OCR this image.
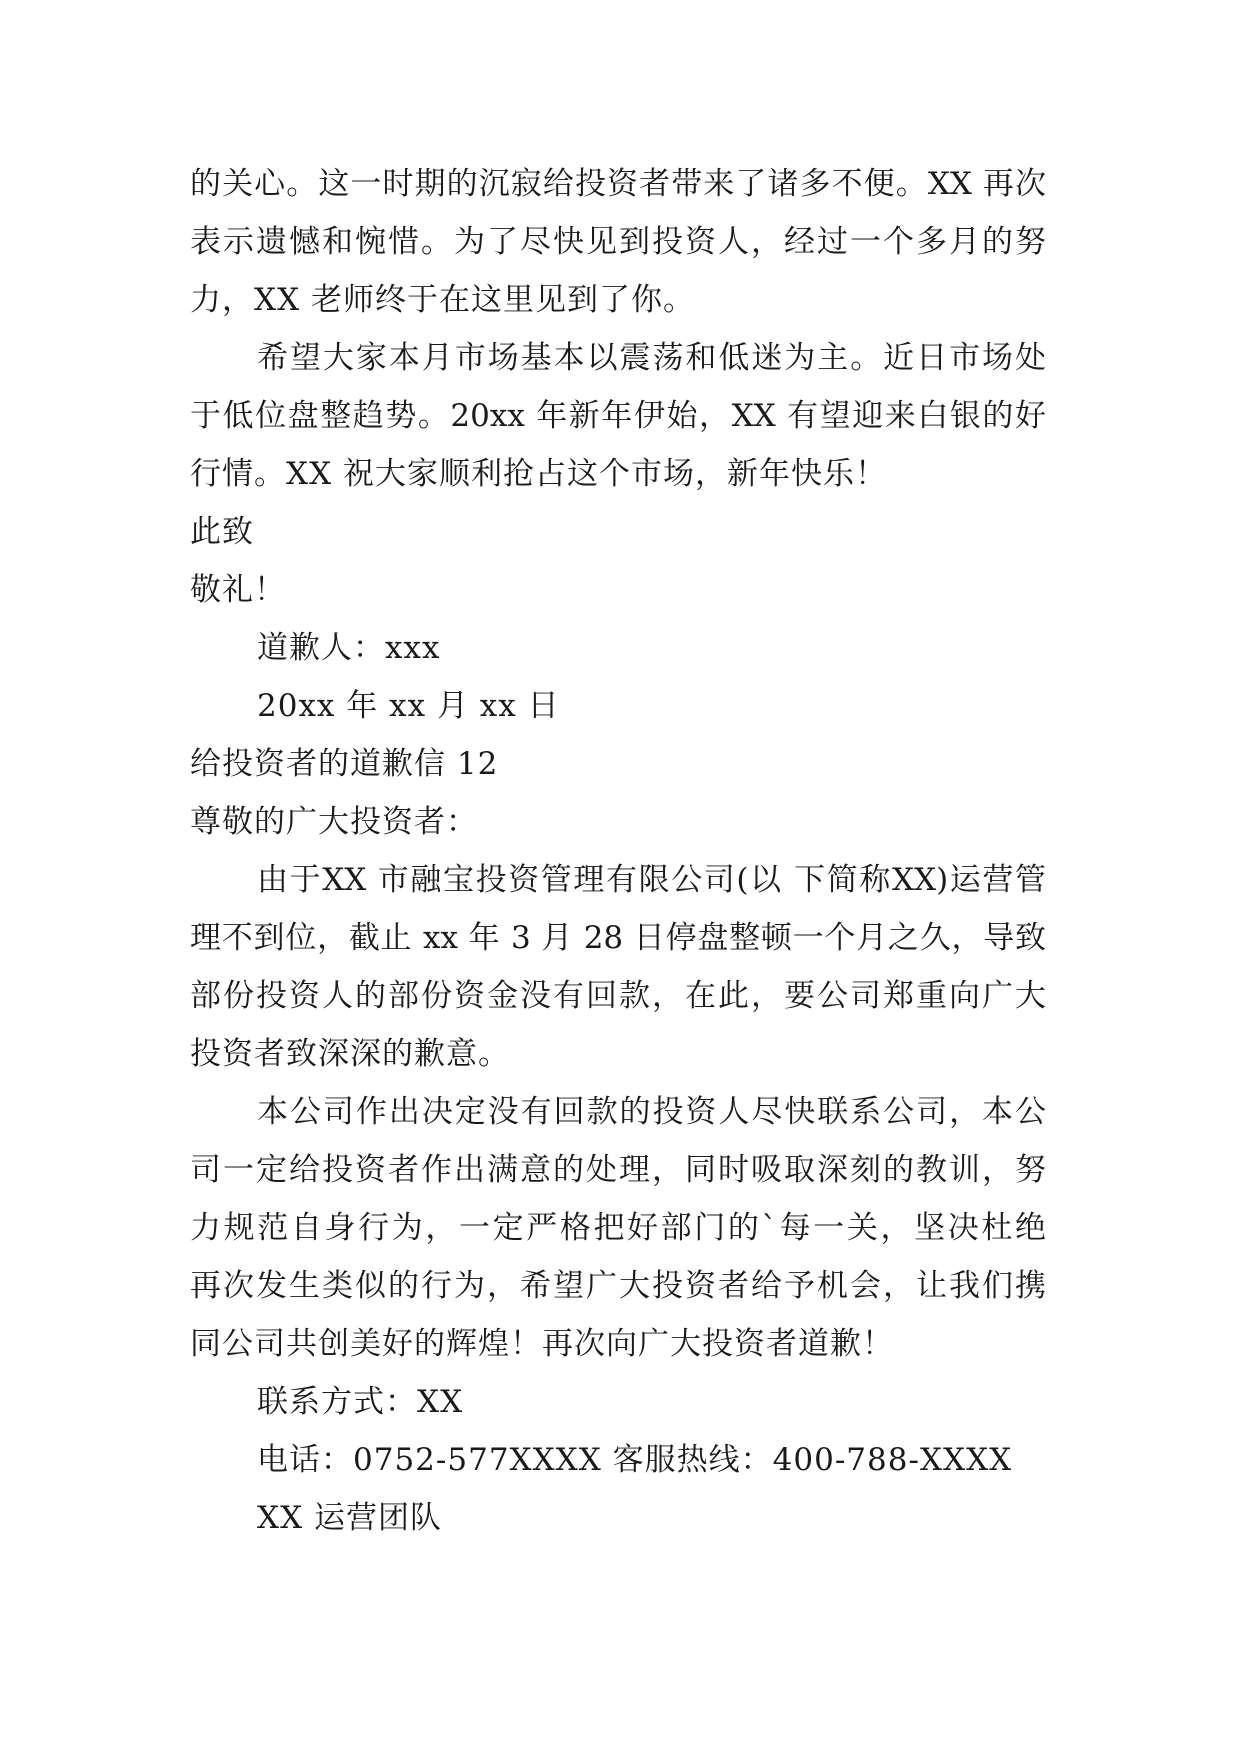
的关心。这一时期的沉寂给投资者带来了诸多不便。XX 再次
表示遗憾和惋惜。为了尽快见到投资人，经过一个多月的努
力，XX 老师终于在这里见到了你。
希望大家本月市场基本以震荡和低迷为主。近日市场处
于低位盘整趋势。20xx 年新年伊始，XX 有望迎来白银的好
行情。XX 祝大家顺利抢占这个市场，新年快乐！
此致
敬礼！
道歉人：xxx
20xx 年 xx 月 xx 日
给投资者的道歉信 12
尊敬的广大投资者：
由于XX 市融宝投资管理有限公司(以 下简称XX)运营管
理不到位，截止 xx 年 3 月 28 日停盘整顿一个月之久，导致
部份投资人的部份资金没有回款，在此，要公司郑重向广大
投资者致深深的歉意。
本公司作出决定没有回款的投资人尽快联系公司，本公
司一定给投资者作出满意的处理，同时吸取深刻的教训，努
力规范自身行为，一定严格把好部门的`每一关，坚决杜绝
再次发生类似的行为，希望广大投资者给予机会，让我们携
同公司共创美好的辉煌！再次向广大投资者道歉！
联系方式：XX
电话：0752-577XXXX 客服热线：400-788-XXXX
XX 运营团队
